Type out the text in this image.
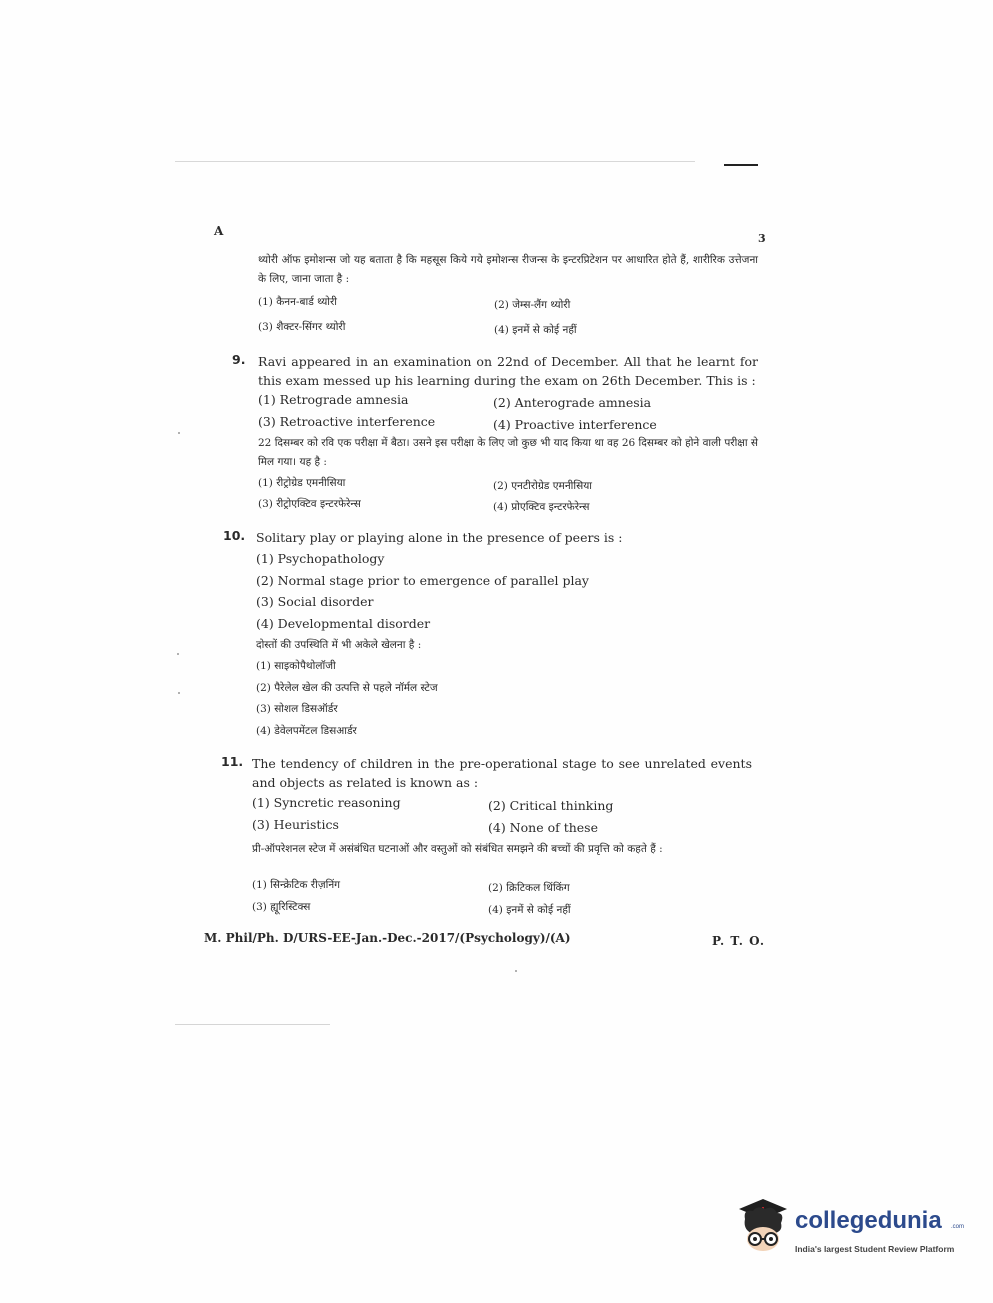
A
3
थ्योरी ऑफ इमोशन्स जो यह बताता है कि महसूस किये गये इमोशन्स रीजन्स के इन्टरप्रिटेशन पर आधारित होते हैं, शारीरिक उत्तेजना के लिए, जाना जाता है :
(1) कैनन-बार्ड थ्योरी	(2) जेम्स-लैंग थ्योरी
(3) शैक्टर-सिंगर थ्योरी	(4) इनमें से कोई नहीं
9. Ravi appeared in an examination on 22nd of December. All that he learnt for this exam messed up his learning during the exam on 26th December. This is :
(1) Retrograde amnesia	(2) Anterograde amnesia
(3) Retroactive interference	(4) Proactive interference
22 दिसम्बर को रवि एक परीक्षा में बैठा। उसने इस परीक्षा के लिए जो कुछ भी याद किया था वह 26 दिसम्बर को होने वाली परीक्षा से मिल गया। यह है :
(1) रीट्रोग्रेड एमनीसिया	(2) एनटीरोग्रेड एमनीसिया
(3) रीट्रोएक्टिव इन्टरफेरेन्स	(4) प्रोएक्टिव इन्टरफेरेन्स
10. Solitary play or playing alone in the presence of peers is :
(1) Psychopathology
(2) Normal stage prior to emergence of parallel play
(3) Social disorder
(4) Developmental disorder
दोस्तों की उपस्थिति में भी अकेले खेलना है :
(1) साइकोपैथोलॉजी
(2) पैरेलेल खेल की उत्पत्ति से पहले नॉर्मल स्टेज
(3) सोशल डिसऑर्डर
(4) डेवेलपमेंटल डिसआर्डर
11. The tendency of children in the pre-operational stage to see unrelated events and objects as related is known as :
(1) Syncretic reasoning	(2) Critical thinking
(3) Heuristics	(4) None of these
प्री-ऑपरेशनल स्टेज में असंबंधित घटनाओं और वस्तुओं को संबंधित समझने की बच्चों की प्रवृत्ति को कहते हैं :
(1) सिन्क्रेटिक रीज़निंग	(2) क्रिटिकल थिंकिंग
(3) ह्यूरिस्टिक्स	(4) इनमें से कोई नहीं
M. Phil/Ph. D/URS-EE-Jan.-Dec.-2017/(Psychology)/(A)	P. T. O.
collegedunia .com
India's largest Student Review Platform
